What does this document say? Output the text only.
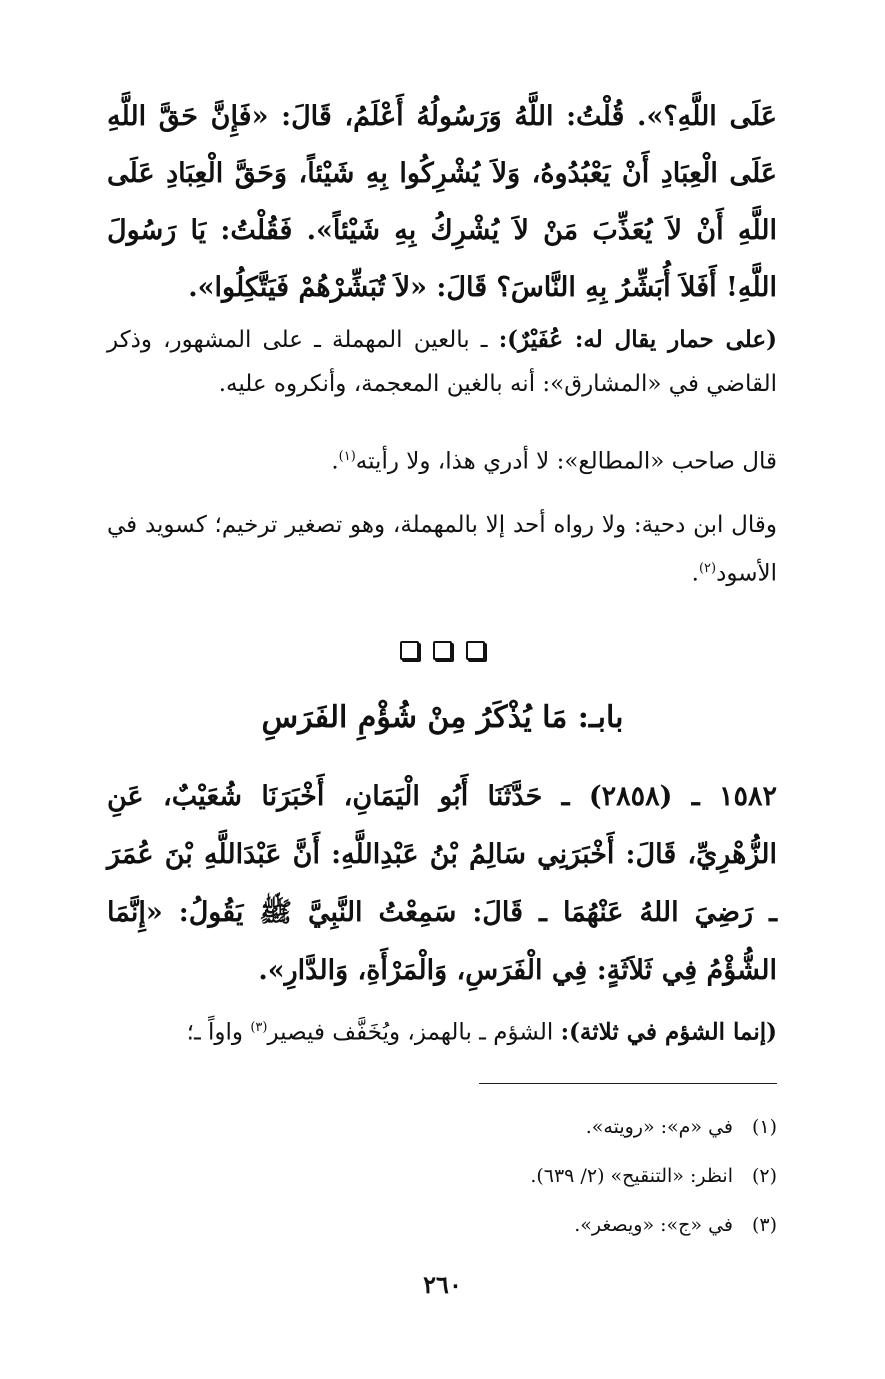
عَلَى اللَّهِ؟». قُلْتُ: اللَّهُ وَرَسُولُهُ أَعْلَمُ، قَالَ: «فَإِنَّ حَقَّ اللَّهِ عَلَى الْعِبَادِ أَنْ يَعْبُدُوهُ، وَلاَ يُشْرِكُوا بِهِ شَيْئاً، وَحَقَّ الْعِبَادِ عَلَى اللَّهِ أَنْ لاَ يُعَذِّبَ مَنْ لاَ يُشْرِكُ بِهِ شَيْئاً». فَقُلْتُ: يَا رَسُولَ اللَّهِ! أَفَلاَ أُبَشِّرُ بِهِ النَّاسَ؟ قَالَ: «لاَ تُبَشِّرْهُمْ فَيَتَّكِلُوا».
(على حمار يقال له: عُفَيْرٌ): ـ بالعين المهملة ـ على المشهور، وذكر القاضي في «المشارق»: أنه بالغين المعجمة، وأنكروه عليه.
قال صاحب «المطالع»: لا أدري هذا، ولا رأيته$^{(١)}$.
وقال ابن دحية: ولا رواه أحد إلا بالمهملة، وهو تصغير ترخيم؛ كسويد في الأسود$^{(٢)}$.
بابـ: مَا يُذْكَرُ مِنْ شُؤْمِ الفَرَسِ
١٥٨٢ ـ (٢٨٥٨) ـ حَدَّثَنَا أَبُو الْيَمَانِ، أَخْبَرَنَا شُعَيْبٌ، عَنِ الزُّهْرِيِّ، قَالَ: أَخْبَرَنِي سَالِمُ بْنُ عَبْدِاللَّهِ: أَنَّ عَبْدَاللَّهِ بْنَ عُمَرَ ـ رَضِيَ اللهُ عَنْهُمَا ـ قَالَ: سَمِعْتُ النَّبِيَّ ﷺ يَقُولُ: «إِنَّمَا الشُّؤْمُ فِي ثَلاَثَةٍ: فِي الْفَرَسِ، وَالْمَرْأَةِ، وَالدَّارِ».
(إنما الشؤم في ثلاثة): الشؤم ـ بالهمز، ويُخَفَّف فيصير$^{(٣)}$ واواً ـ؛
(١)في «م»: «رويته».
(٢)انظر: «التنقيح» (٢/ ٦٣٩).
(٣)في «ج»: «ويصغر».
٢٦٠
